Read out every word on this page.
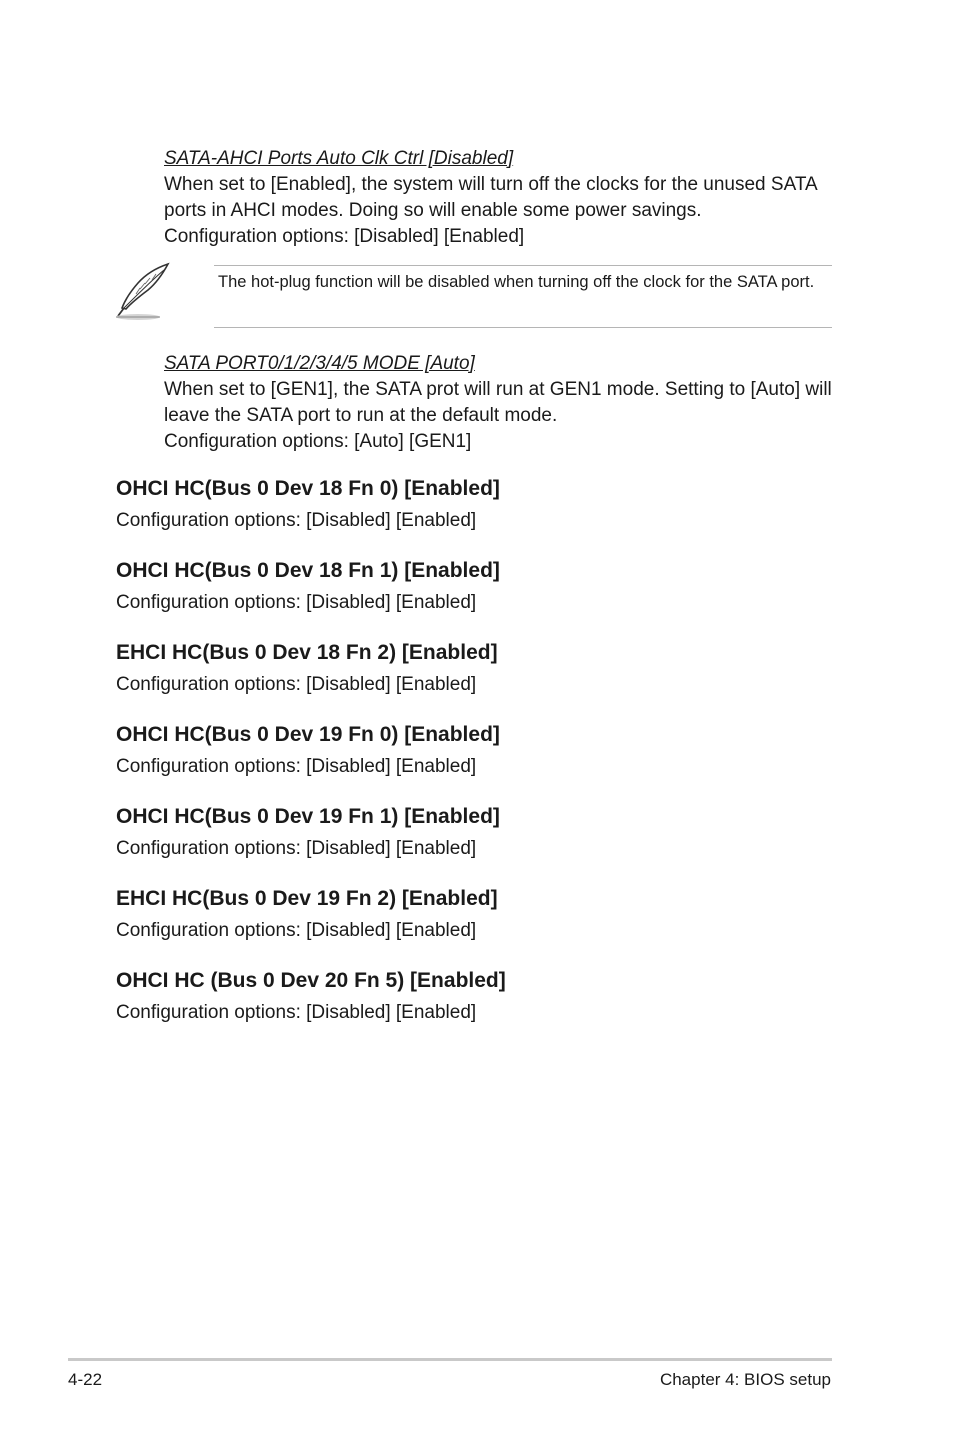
SATA-AHCI Ports Auto Clk Ctrl [Disabled]
When set to [Enabled], the system will turn off the clocks for the unused SATA ports in AHCI modes. Doing so will enable some power savings.
Configuration options: [Disabled] [Enabled]
The hot-plug function will be disabled when turning off the clock for the SATA port.
SATA PORT0/1/2/3/4/5 MODE [Auto]
When set to [GEN1], the SATA prot will run at GEN1 mode. Setting to [Auto] will leave the SATA port to run at the default mode.
Configuration options: [Auto] [GEN1]
OHCI HC(Bus 0 Dev 18 Fn 0) [Enabled]
Configuration options: [Disabled] [Enabled]
OHCI HC(Bus 0 Dev 18 Fn 1) [Enabled]
Configuration options: [Disabled] [Enabled]
EHCI HC(Bus 0 Dev 18 Fn 2) [Enabled]
Configuration options: [Disabled] [Enabled]
OHCI HC(Bus 0 Dev 19 Fn 0) [Enabled]
Configuration options: [Disabled] [Enabled]
OHCI HC(Bus 0 Dev 19 Fn 1) [Enabled]
Configuration options: [Disabled] [Enabled]
EHCI HC(Bus 0 Dev 19 Fn 2) [Enabled]
Configuration options: [Disabled] [Enabled]
OHCI HC (Bus 0 Dev 20 Fn 5) [Enabled]
Configuration options: [Disabled] [Enabled]
4-22	Chapter 4: BIOS setup
